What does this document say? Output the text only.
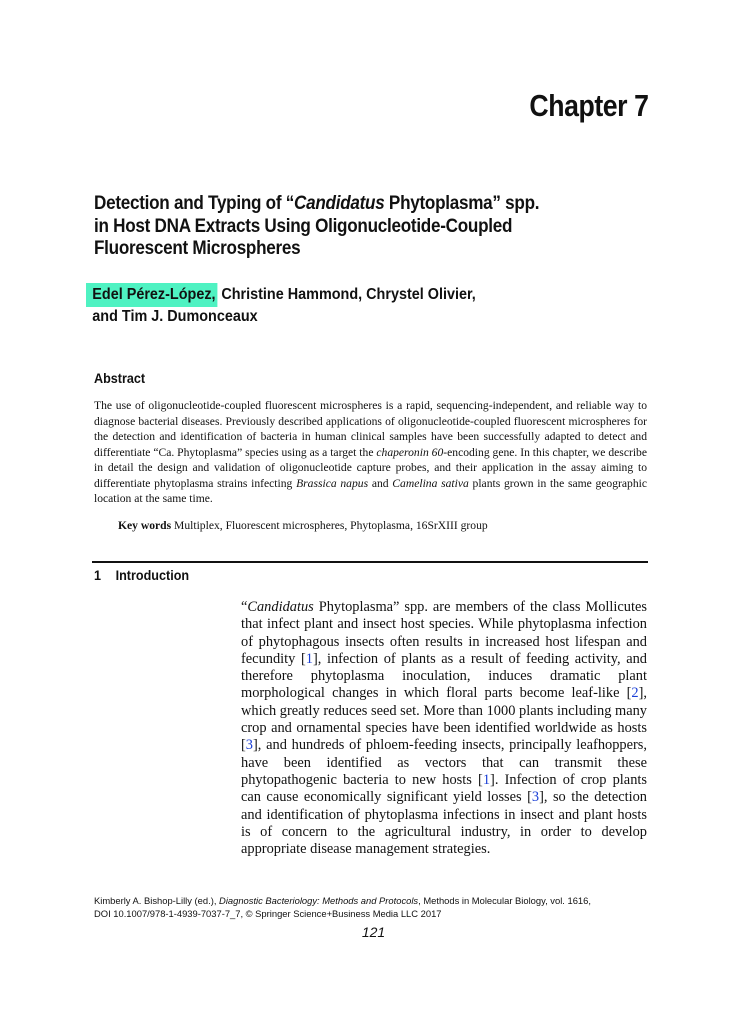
Chapter 7
Detection and Typing of “Candidatus Phytoplasma” spp.
in Host DNA Extracts Using Oligonucleotide-Coupled
Fluorescent Microspheres
Edel Pérez-López, Christine Hammond, Chrystel Olivier,
and Tim J. Dumonceaux
Abstract
The use of oligonucleotide-coupled fluorescent microspheres is a rapid, sequencing-independent, and reliable way to diagnose bacterial diseases. Previously described applications of oligonucleotide-coupled fluorescent microspheres for the detection and identification of bacteria in human clinical samples have been successfully adapted to detect and differentiate “Ca. Phytoplasma” species using as a target the chaperonin 60-encoding gene. In this chapter, we describe in detail the design and validation of oligonucleotide capture probes, and their application in the assay aiming to differentiate phytoplasma strains infecting Brassica napus and Camelina sativa plants grown in the same geographic location at the same time.
Key words Multiplex, Fluorescent microspheres, Phytoplasma, 16SrXIII group
1 Introduction
“Candidatus Phytoplasma” spp. are members of the class Mollicutes that infect plant and insect host species. While phytoplasma infection of phytophagous insects often results in increased host lifespan and fecundity [1], infection of plants as a result of feeding activity, and therefore phytoplasma inoculation, induces dramatic plant morphological changes in which floral parts become leaf-like [2], which greatly reduces seed set. More than 1000 plants including many crop and ornamental species have been identified worldwide as hosts [3], and hundreds of phloem-feeding insects, principally leafhoppers, have been identified as vectors that can transmit these phytopathogenic bacteria to new hosts [1]. Infection of crop plants can cause economically significant yield losses [3], so the detection and identification of phytoplasma infections in insect and plant hosts is of concern to the agricultural industry, in order to develop appropriate disease management strategies.
Kimberly A. Bishop-Lilly (ed.), Diagnostic Bacteriology: Methods and Protocols, Methods in Molecular Biology, vol. 1616,
DOI 10.1007/978-1-4939-7037-7_7, © Springer Science+Business Media LLC 2017
121
